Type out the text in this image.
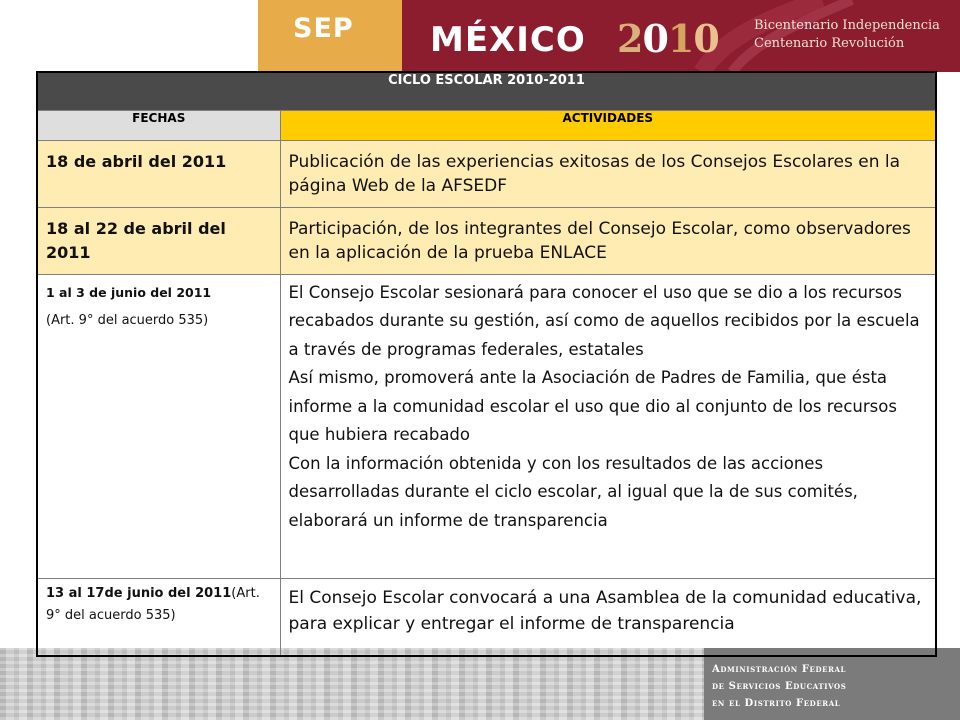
SEP MÉXICO 2010	Bicentenario Independencia
Centenario Revolución
Administración Federal
de Servicios Educativos
en el Distrito Federal
CICLO ESCOLAR 2010-2011	
FECHAS	ACTIVIDADES
18 de abril del 2011	Publicación de las experiencias exitosas de los Consejos Escolares en la página Web de la AFSEDF
18 al 22 de abril del 2011	Participación, de los integrantes del Consejo Escolar, como observadores en la aplicación de la prueba ENLACE
1 al 3 de junio del 2011
(Art. 9° del acuerdo 535)	El Consejo Escolar sesionará para conocer el uso que se dio a los recursos recabados durante su gestión, así como de aquellos recibidos por la escuela a través de programas federales, estatales
Así mismo, promoverá ante la Asociación de Padres de Familia, que ésta informe a la comunidad escolar el uso que dio al conjunto de los recursos que hubiera recabado
Con la información obtenida y con los resultados de las acciones desarrolladas durante el ciclo escolar, al igual que la de sus comités, elaborará un informe de transparencia

13 al 17de junio del 2011(Art. 9° del acuerdo 535)	El Consejo Escolar convocará a una Asamblea de la comunidad educativa, para explicar y entregar el informe de transparencia
